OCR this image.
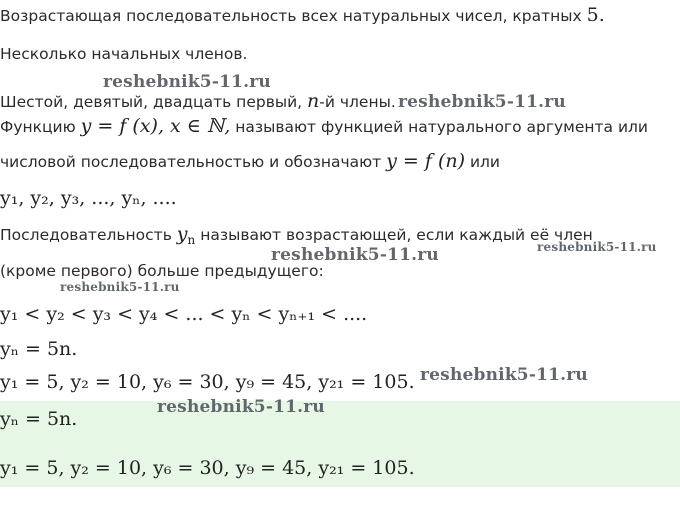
Возрастающая последовательность всех натуральных чисел, кратных 5.
Несколько начальных членов.
Шестой, девятый, двадцать первый, n-й члены.
Функцию y = f (x), x ∈ ℕ, называют функцией натурального аргумента или
числовой последовательностью и обозначают y = f (n) или
y₁, y₂, y₃, ..., yₙ, ....
Последовательность $y_n$ называют возрастающей, если каждый её член
(кроме первого) больше предыдущего:
y₁ < y₂ < y₃ < y₄ < ... < yₙ < yₙ₊₁ < ....
yₙ = 5n.
y₁ = 5, y₂ = 10, y₆ = 30, y₉ = 45, y₂₁ = 105.
yₙ = 5n.
y₁ = 5, y₂ = 10, y₆ = 30, y₉ = 45, y₂₁ = 105.
reshebnik5-11.ru
reshebnik5-11.ru
reshebnik5-11.ru	reshebnik5-11.ru
reshebnik5-11.ru
reshebnik5-11.ru
reshebnik5-11.ru
